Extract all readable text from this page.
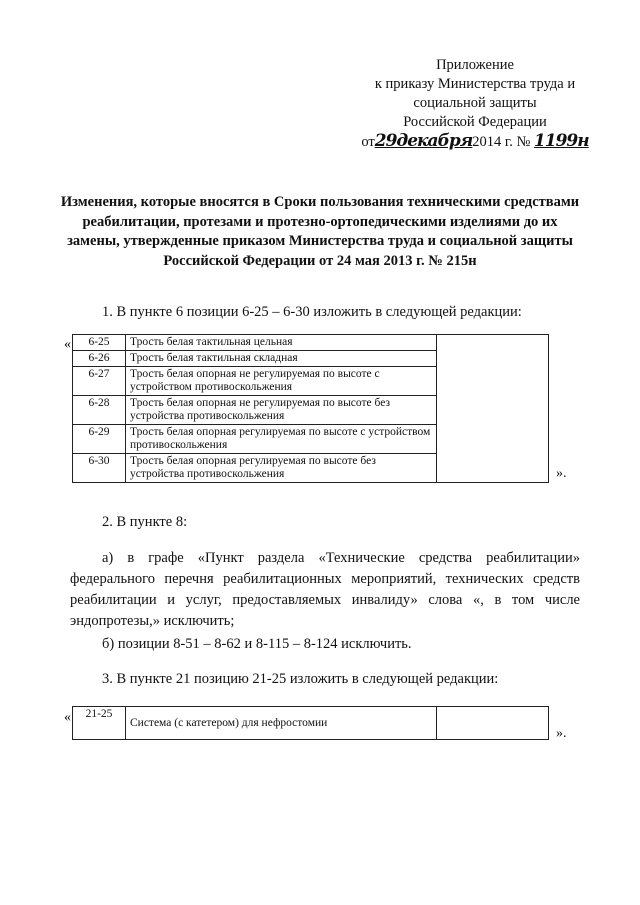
Приложение
к приказу Министерства труда и
социальной защиты
Российской Федерации
от29декабря2014 г. № 1199н
Изменения, которые вносятся в Сроки пользования техническими средствами реабилитации, протезами и протезно-ортопедическими изделиями до их замены, утвержденные приказом Министерства труда и социальной защиты Российской Федерации от 24 мая 2013 г. № 215н
1. В пункте 6 позиции 6-25 – 6-30 изложить в следующей редакции:
« 6-25	Трость белая тактильная цельная	
6-26	Трость белая тактильная складная	
6-27	Трость белая опорная не регулируемая по высоте с устройством противоскольжения	
6-28	Трость белая опорная не регулируемая по высоте без устройства противоскольжения	
6-29	Трость белая опорная регулируемая по высоте с устройством противоскольжения	
6-30	Трость белая опорная регулируемая по высоте без устройства противоскольжения		».
2. В пункте 8:
а) в графе «Пункт раздела «Технические средства реабилитации» федерального перечня реабилитационных мероприятий, технических средств реабилитации и услуг, предоставляемых инвалиду» слова «, в том числе эндопротезы,» исключить;
б) позиции 8-51 – 8-62 и 8-115 – 8-124 исключить.
3. В пункте 21 позицию 21-25 изложить в следующей редакции:
« 21-25	Система (с катетером) для нефростомии	
».
